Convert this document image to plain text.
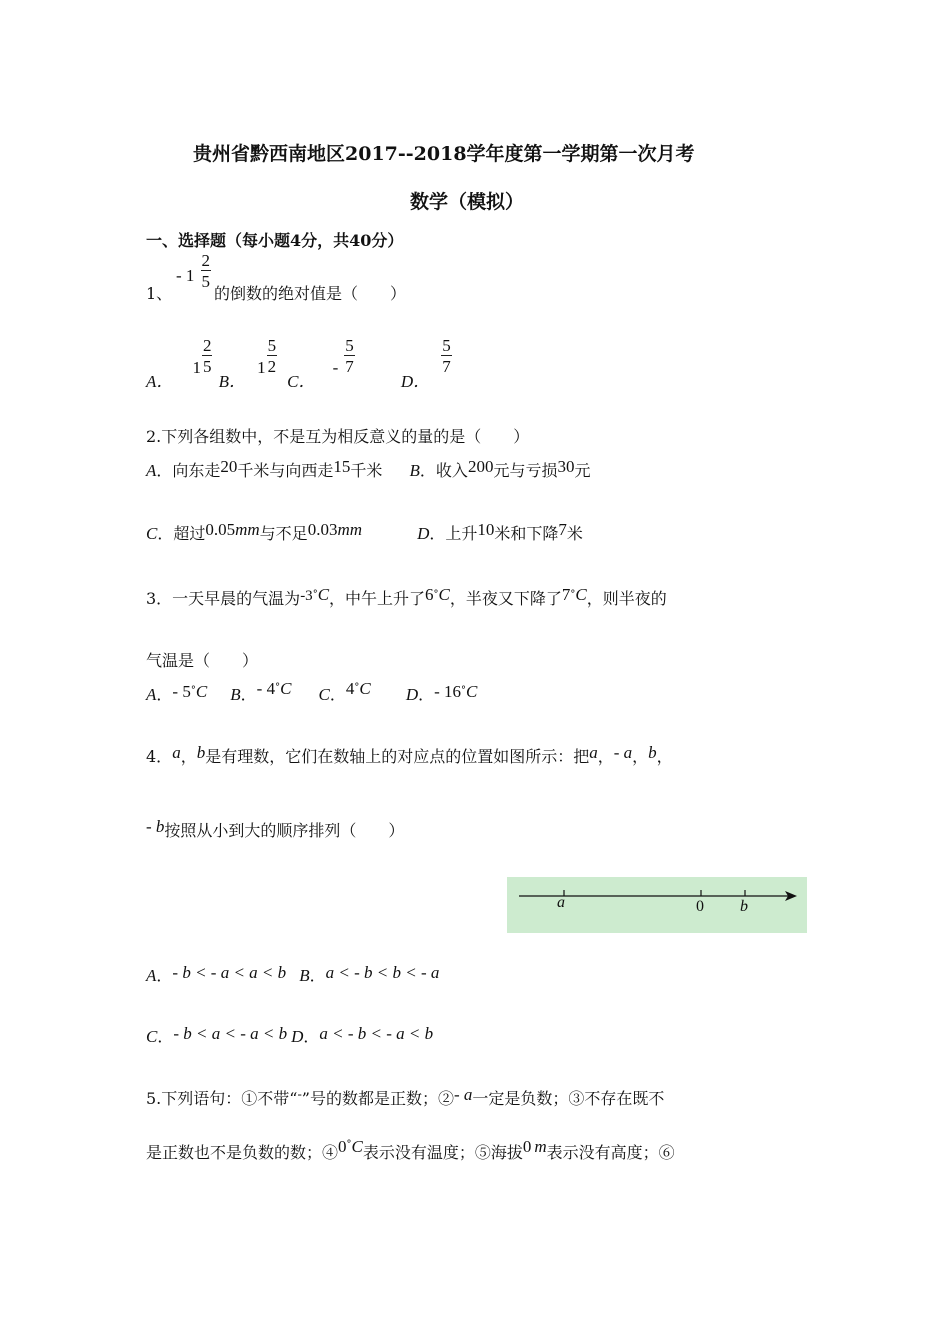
贵州省黔西南地区2017--2018学年度第一学期第一次月考
数学（模拟）
一、选择题（每小题4分，共40分）
1、
- $1 \frac{2}{5}$
的倒数的绝对值是（　　）
A． $1 \frac{2}{5}$
B． $1 \frac{5}{2}$
C． - $\frac{5}{7}$
D．
$\frac{5}{7}$
2.下列各组数中，不是互为相反意义的量的是（　　）
A．向东走20千米与向西走15千米 B．收入200元与亏损30元
C．超过0.05mm与不足0.03mm	D．上升10米和下降7米
3．一天早晨的气温为-3°C，中午上升了6°C，半夜又下降了7°C，则半夜的
气温是（　　）
A．- 5°C B．- 4°C C．4°C D．- 16°C
4．a，b是有理数，它们在数轴上的对应点的位置如图所示：把a，- a，b，
- b按照从小到大的顺序排列（　　）
a	0 b
A．- b < - a < a < b B．a < - b < b < - a
C．- b < a < - a < b D．a < - b < - a < b
5.下列语句：①不带“-”号的数都是正数；②- a一定是负数；③不存在既不
是正数也不是负数的数；④0°C表示没有温度；⑤海拔0 m表示没有高度；⑥
